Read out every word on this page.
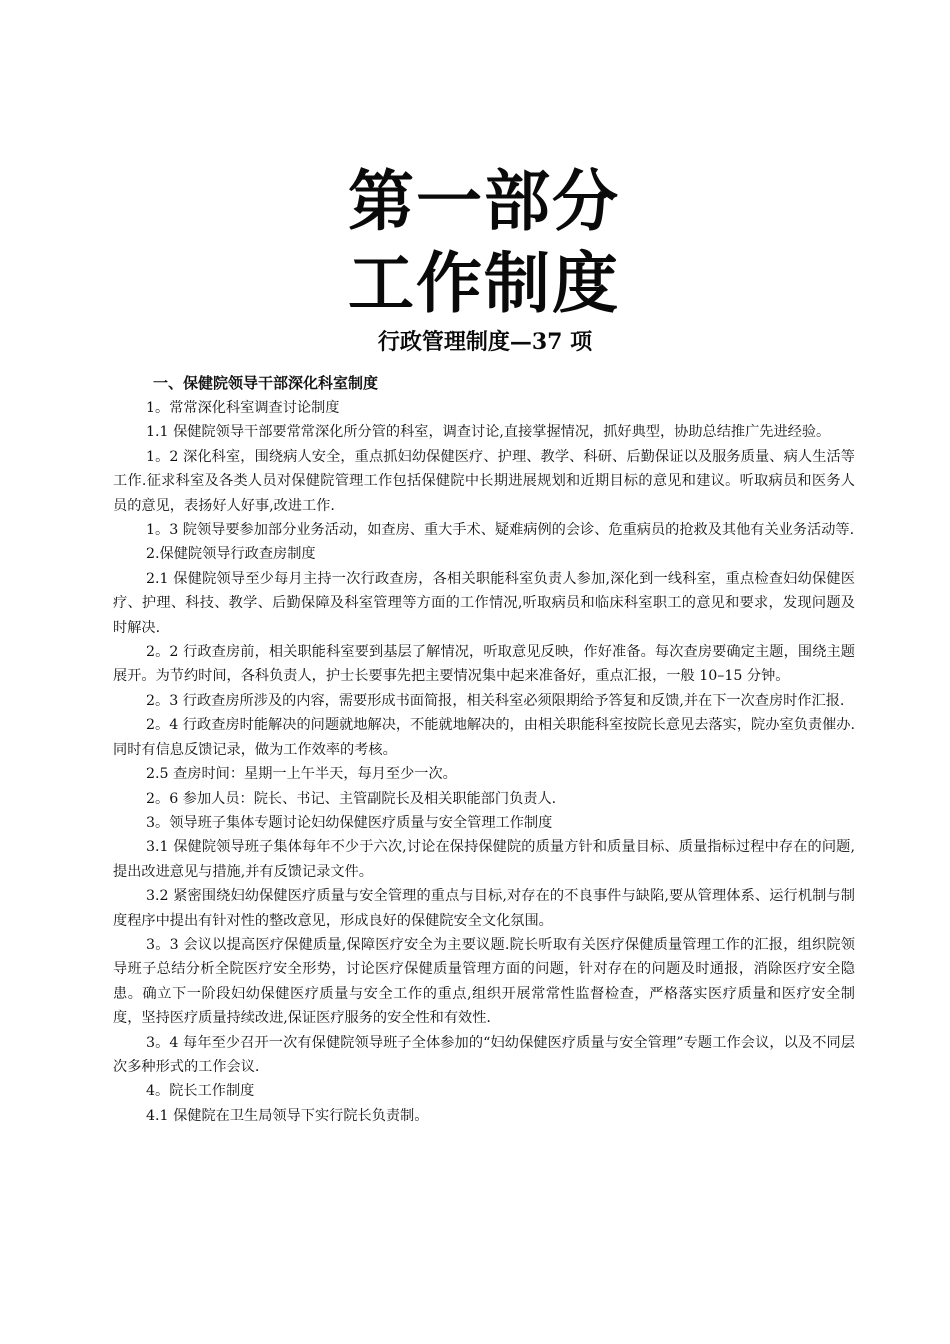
第一部分
工作制度
行政管理制度—37 项

一、保健院领导干部深化科室制度

1。常常深化科室调查讨论制度

1.1 保健院领导干部要常常深化所分管的科室，调查讨论,直接掌握情况，抓好典型，协助总结推广先进经验。

1。2 深化科室，围绕病人安全，重点抓妇幼保健医疗、护理、教学、科研、后勤保证以及服务质量、病人生活等工作.征求科室及各类人员对保健院管理工作包括保健院中长期进展规划和近期目标的意见和建议。听取病员和医务人员的意见，表扬好人好事,改进工作.

1。3 院领导要参加部分业务活动，如查房、重大手术、疑难病例的会诊、危重病员的抢救及其他有关业务活动等.

2.保健院领导行政查房制度

2.1 保健院领导至少每月主持一次行政查房，各相关职能科室负责人参加,深化到一线科室，重点检查妇幼保健医疗、护理、科技、教学、后勤保障及科室管理等方面的工作情况,听取病员和临床科室职工的意见和要求，发现问题及时解决.

2。2 行政查房前，相关职能科室要到基层了解情况，听取意见反映，作好准备。每次查房要确定主题，围绕主题展开。为节约时间，各科负责人，护士长要事先把主要情况集中起来准备好，重点汇报，一般 10–15 分钟。

2。3 行政查房所涉及的内容，需要形成书面简报，相关科室必须限期给予答复和反馈,并在下一次查房时作汇报.

2。4 行政查房时能解决的问题就地解决，不能就地解决的，由相关职能科室按院长意见去落实，院办室负责催办.同时有信息反馈记录，做为工作效率的考核。

2.5 查房时间：星期一上午半天，每月至少一次。

2。6 参加人员：院长、书记、主管副院长及相关职能部门负责人.

3。领导班子集体专题讨论妇幼保健医疗质量与安全管理工作制度

3.1 保健院领导班子集体每年不少于六次,讨论在保持保健院的质量方针和质量目标、质量指标过程中存在的问题,提出改进意见与措施,并有反馈记录文件。

3.2 紧密围绕妇幼保健医疗质量与安全管理的重点与目标,对存在的不良事件与缺陷,要从管理体系、运行机制与制度程序中提出有针对性的整改意见，形成良好的保健院安全文化氛围。

3。3 会议以提高医疗保健质量,保障医疗安全为主要议题.院长听取有关医疗保健质量管理工作的汇报，组织院领导班子总结分析全院医疗安全形势，讨论医疗保健质量管理方面的问题，针对存在的问题及时通报，消除医疗安全隐患。确立下一阶段妇幼保健医疗质量与安全工作的重点,组织开展常常性监督检查，严格落实医疗质量和医疗安全制度，坚持医疗质量持续改进,保证医疗服务的安全性和有效性.

3。4 每年至少召开一次有保健院领导班子全体参加的“妇幼保健医疗质量与安全管理”专题工作会议，以及不同层次多种形式的工作会议.

4。院长工作制度

4.1 保健院在卫生局领导下实行院长负责制。
